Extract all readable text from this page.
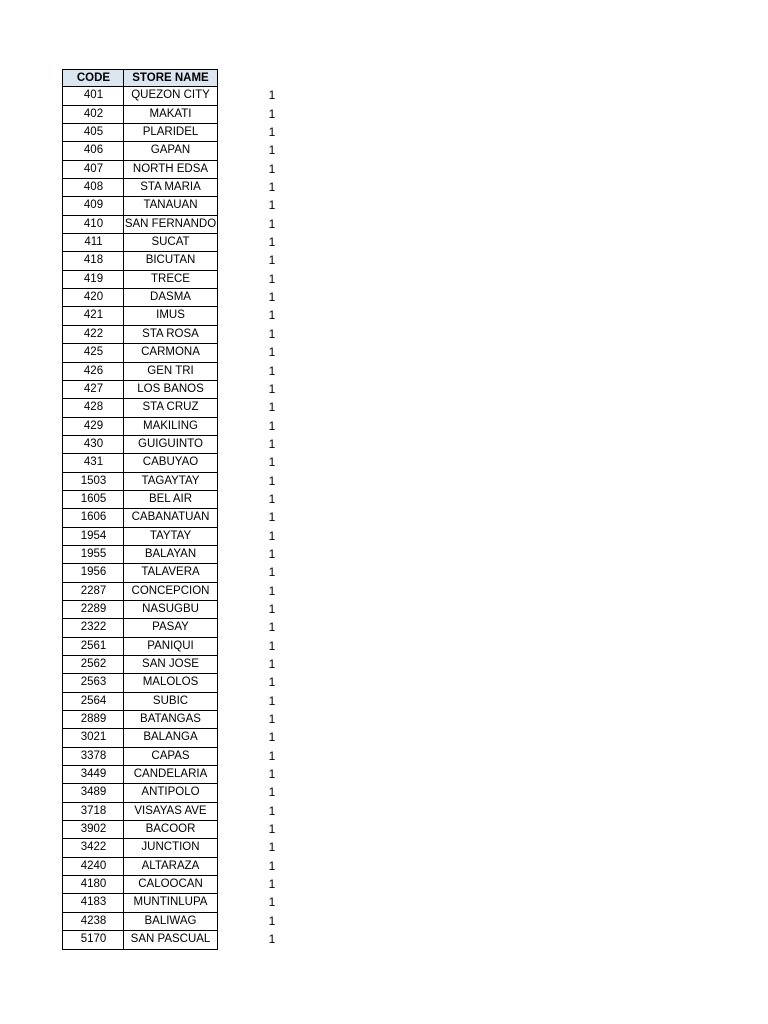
CODE	STORE NAME
401	QUEZON CITY	1
402	MAKATI	1
405	PLARIDEL	1
406	GAPAN	1
407	NORTH EDSA	1
408	STA MARIA	1
409	TANAUAN	1
410	SAN FERNANDO	1
411	SUCAT	1
418	BICUTAN	1
419	TRECE	1
420	DASMA	1
421	IMUS	1
422	STA ROSA	1
425	CARMONA	1
426	GEN TRI	1
427	LOS BANOS	1
428	STA CRUZ	1
429	MAKILING	1
430	GUIGUINTO	1
431	CABUYAO	1
1503	TAGAYTAY	1
1605	BEL AIR	1
1606	CABANATUAN	1
1954	TAYTAY	1
1955	BALAYAN	1
1956	TALAVERA	1
2287	CONCEPCION	1
2289	NASUGBU	1
2322	PASAY	1
2561	PANIQUI	1
2562	SAN JOSE	1
2563	MALOLOS	1
2564	SUBIC	1
2889	BATANGAS	1
3021	BALANGA	1
3378	CAPAS	1
3449	CANDELARIA	1
3489	ANTIPOLO	1
3718	VISAYAS AVE	1
3902	BACOOR	1
3422	JUNCTION	1
4240	ALTARAZA	1
4180	CALOOCAN	1
4183	MUNTINLUPA	1
4238	BALIWAG	1
5170	SAN PASCUAL	1
